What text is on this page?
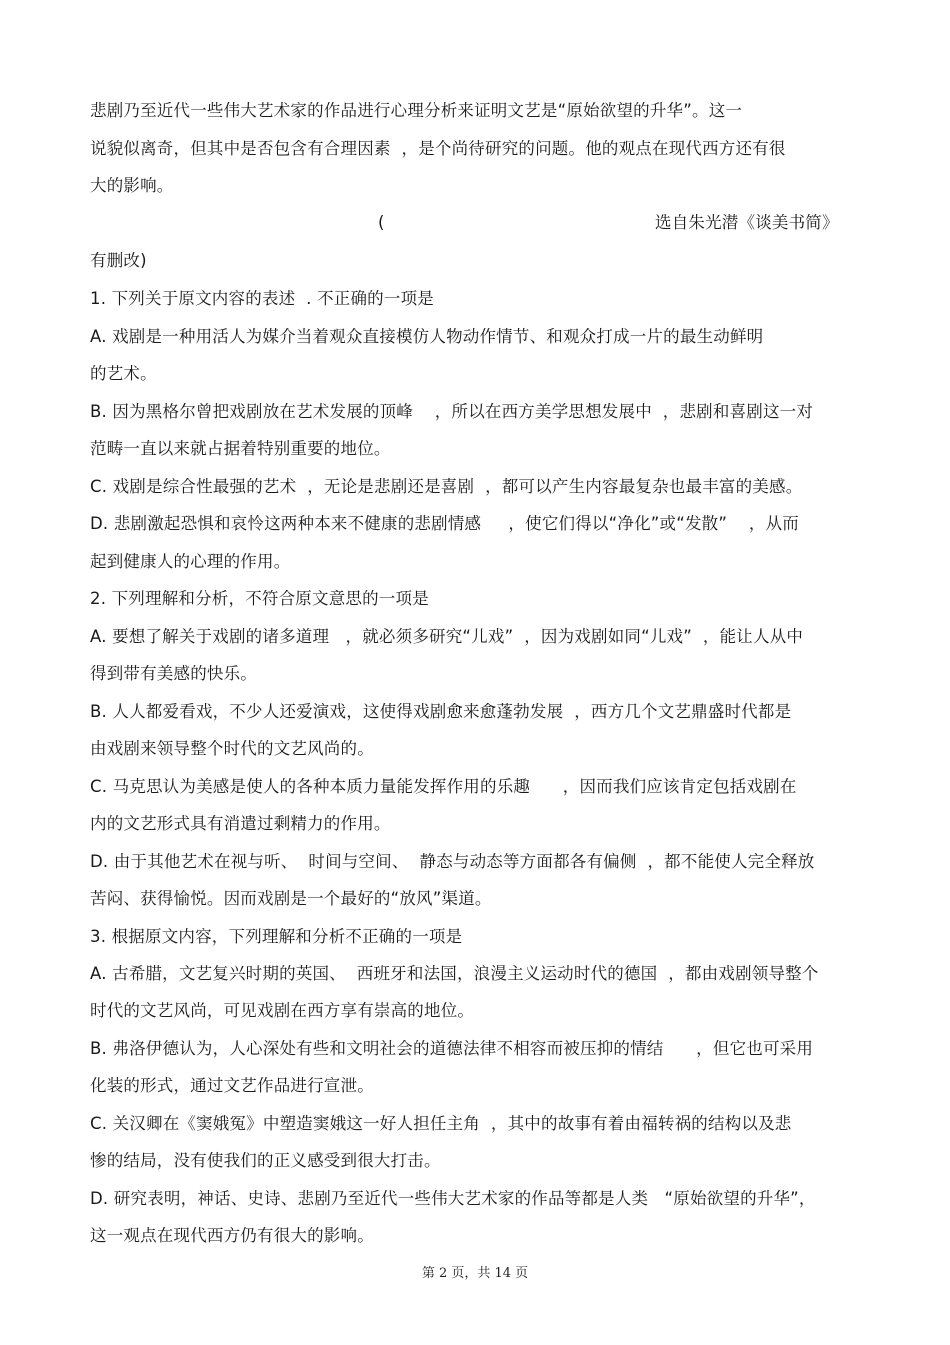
悲剧乃至近代一些伟大艺术家的作品进行心理分析来证明文艺是“原始欲望的升华”。这一
说貌似离奇，但其中是否包含有合理因素  ，是个尚待研究的问题。他的观点在现代西方还有很
大的影响。
(	选自朱光潜《谈美书简》
有删改)
1. 下列关于原文内容的表述  . 不正确的一项是
A. 戏剧是一种用活人为媒介当着观众直接模仿人物动作情节、和观众打成一片的最生动鲜明
的艺术。
B. 因为黑格尔曾把戏剧放在艺术发展的顶峰    ，所以在西方美学思想发展中  ，悲剧和喜剧这一对
范畴一直以来就占据着特别重要的地位。
C. 戏剧是综合性最强的艺术  ，无论是悲剧还是喜剧  ，都可以产生内容最复杂也最丰富的美感。
D. 悲剧激起恐惧和哀怜这两种本来不健康的悲剧情感     ，使它们得以“净化”或“发散”    ，从而
起到健康人的心理的作用。
2. 下列理解和分析，不符合原文意思的一项是
A. 要想了解关于戏剧的诸多道理   ，就必须多研究“儿戏”  ，因为戏剧如同“儿戏”  ，能让人从中
得到带有美感的快乐。
B. 人人都爱看戏，不少人还爱演戏，这使得戏剧愈来愈蓬勃发展  ，西方几个文艺鼎盛时代都是
由戏剧来领导整个时代的文艺风尚的。
C. 马克思认为美感是使人的各种本质力量能发挥作用的乐趣      ，因而我们应该肯定包括戏剧在
内的文艺形式具有消遣过剩精力的作用。
D. 由于其他艺术在视与听、  时间与空间、  静态与动态等方面都各有偏侧  ，都不能使人完全释放
苦闷、获得愉悦。因而戏剧是一个最好的“放风”渠道。
3. 根据原文内容，下列理解和分析不正确的一项是
A. 古希腊，文艺复兴时期的英国、  西班牙和法国，浪漫主义运动时代的德国  ，都由戏剧领导整个
时代的文艺风尚，可见戏剧在西方享有崇高的地位。
B. 弗洛伊德认为，人心深处有些和文明社会的道德法律不相容而被压抑的情结      ，但它也可采用
化装的形式，通过文艺作品进行宣泄。
C. 关汉卿在《窦娥冤》中塑造窦娥这一好人担任主角  ，其中的故事有着由福转祸的结构以及悲
惨的结局，没有使我们的正义感受到很大打击。
D. 研究表明，神话、史诗、悲剧乃至近代一些伟大艺术家的作品等都是人类   “原始欲望的升华”，
这一观点在现代西方仍有很大的影响。
第 2 页，共 14 页
